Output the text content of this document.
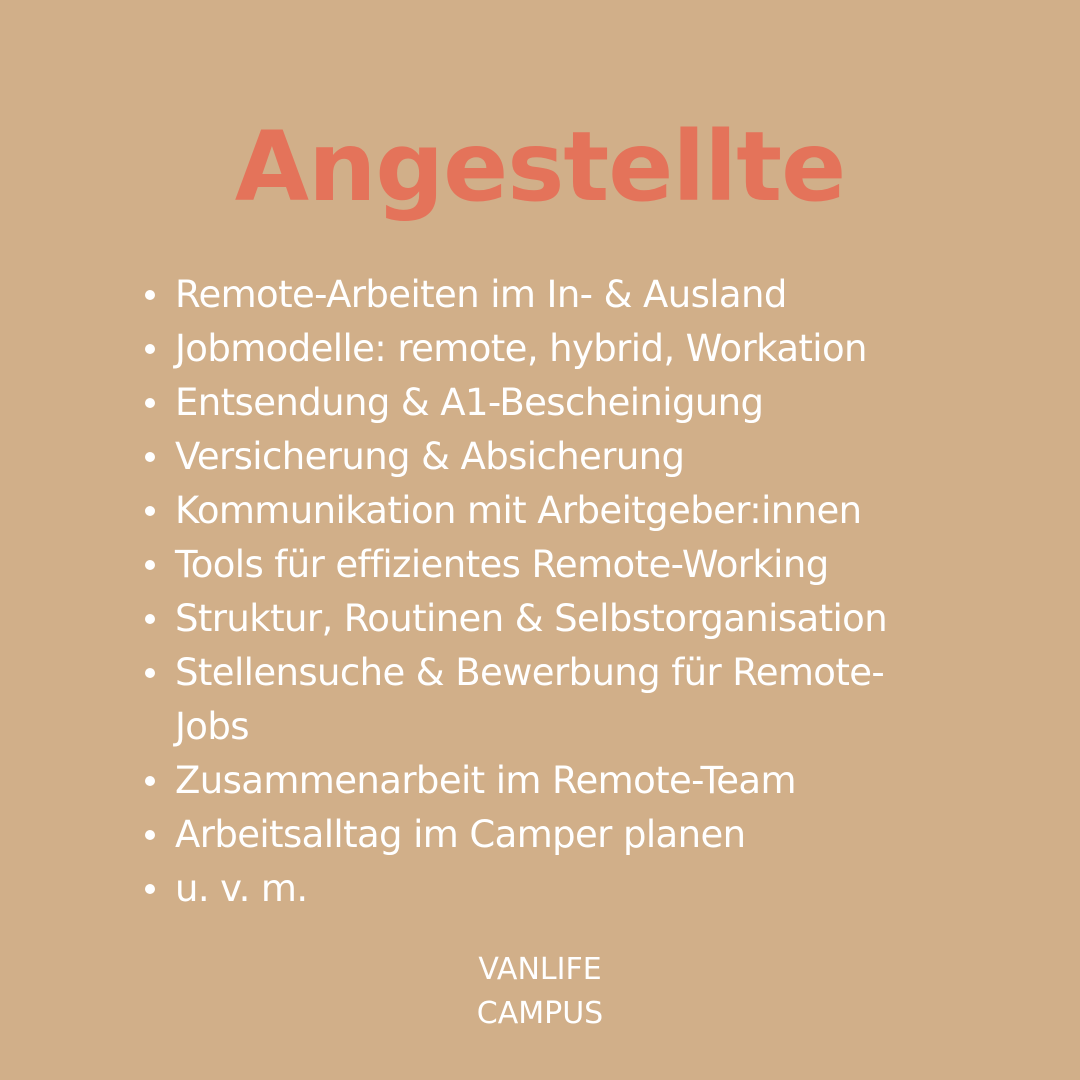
Angestellte
Remote-Arbeiten im In- & Ausland
Jobmodelle: remote, hybrid, Workation
Entsendung & A1-Bescheinigung
Versicherung & Absicherung
Kommunikation mit Arbeitgeber:innen
Tools für effizientes Remote-Working
Struktur, Routinen & Selbstorganisation
Stellensuche & Bewerbung für Remote-Jobs
Zusammenarbeit im Remote-Team
Arbeitsalltag im Camper planen
u. v. m.
VANLIFE
CAMPUS
